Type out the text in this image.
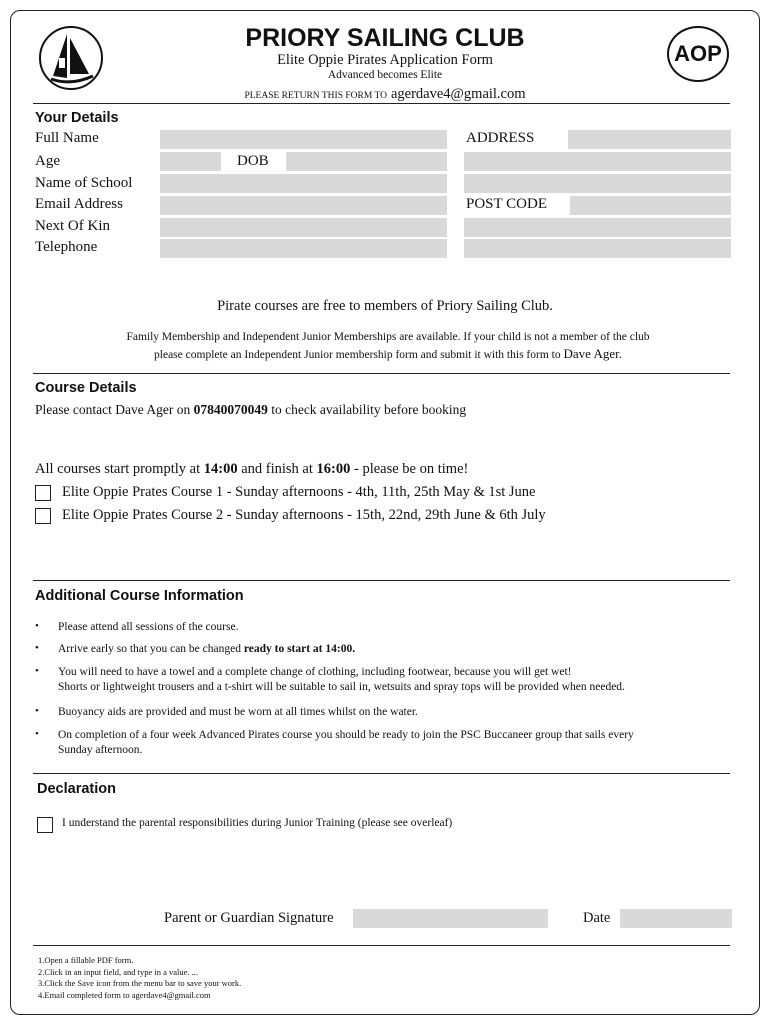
PRIORY SAILING CLUB
Elite Oppie Pirates Application Form
Advanced becomes Elite
PLEASE RETURN THIS FORM TO agerdave4@gmail.com
AOP
Your Details
Full Name	ADDRESS
Age	DOB
Name of School
Email Address	POST CODE
Next Of Kin
Telephone
Pirate courses are free to members of Priory Sailing Club.
Family Membership and Independent Junior Memberships are available. If your child is not a member of the club
please complete an Independent Junior membership form and submit it with this form to Dave Ager.
Course Details
Please contact Dave Ager on 07840070049 to check availability before booking
All courses start promptly at 14:00 and finish at 16:00 - please be on time!
Elite Oppie Prates Course 1 - Sunday afternoons - 4th, 11th, 25th May & 1st June
Elite Oppie Prates Course 2 - Sunday afternoons - 15th, 22nd, 29th June & 6th July
Additional Course Information
• Please attend all sessions of the course.
• Arrive early so that you can be changed ready to start at 14:00.
• You will need to have a towel and a complete change of clothing, including footwear, because you will get wet!
Shorts or lightweight trousers and a t-shirt will be suitable to sail in, wetsuits and spray tops will be provided when needed.
• Buoyancy aids are provided and must be worn at all times whilst on the water.
• On completion of a four week Advanced Pirates course you should be ready to join the PSC Buccaneer group that sails every
Sunday afternoon.
Declaration
I understand the parental responsibilities during Junior Training (please see overleaf)
Parent or Guardian Signature	Date
1.Open a fillable PDF form.
2.Click in an input field, and type in a value. ...
3.Click the Save icon from the menu bar to save your work.
4.Email completed form to agerdave4@gmail.com
